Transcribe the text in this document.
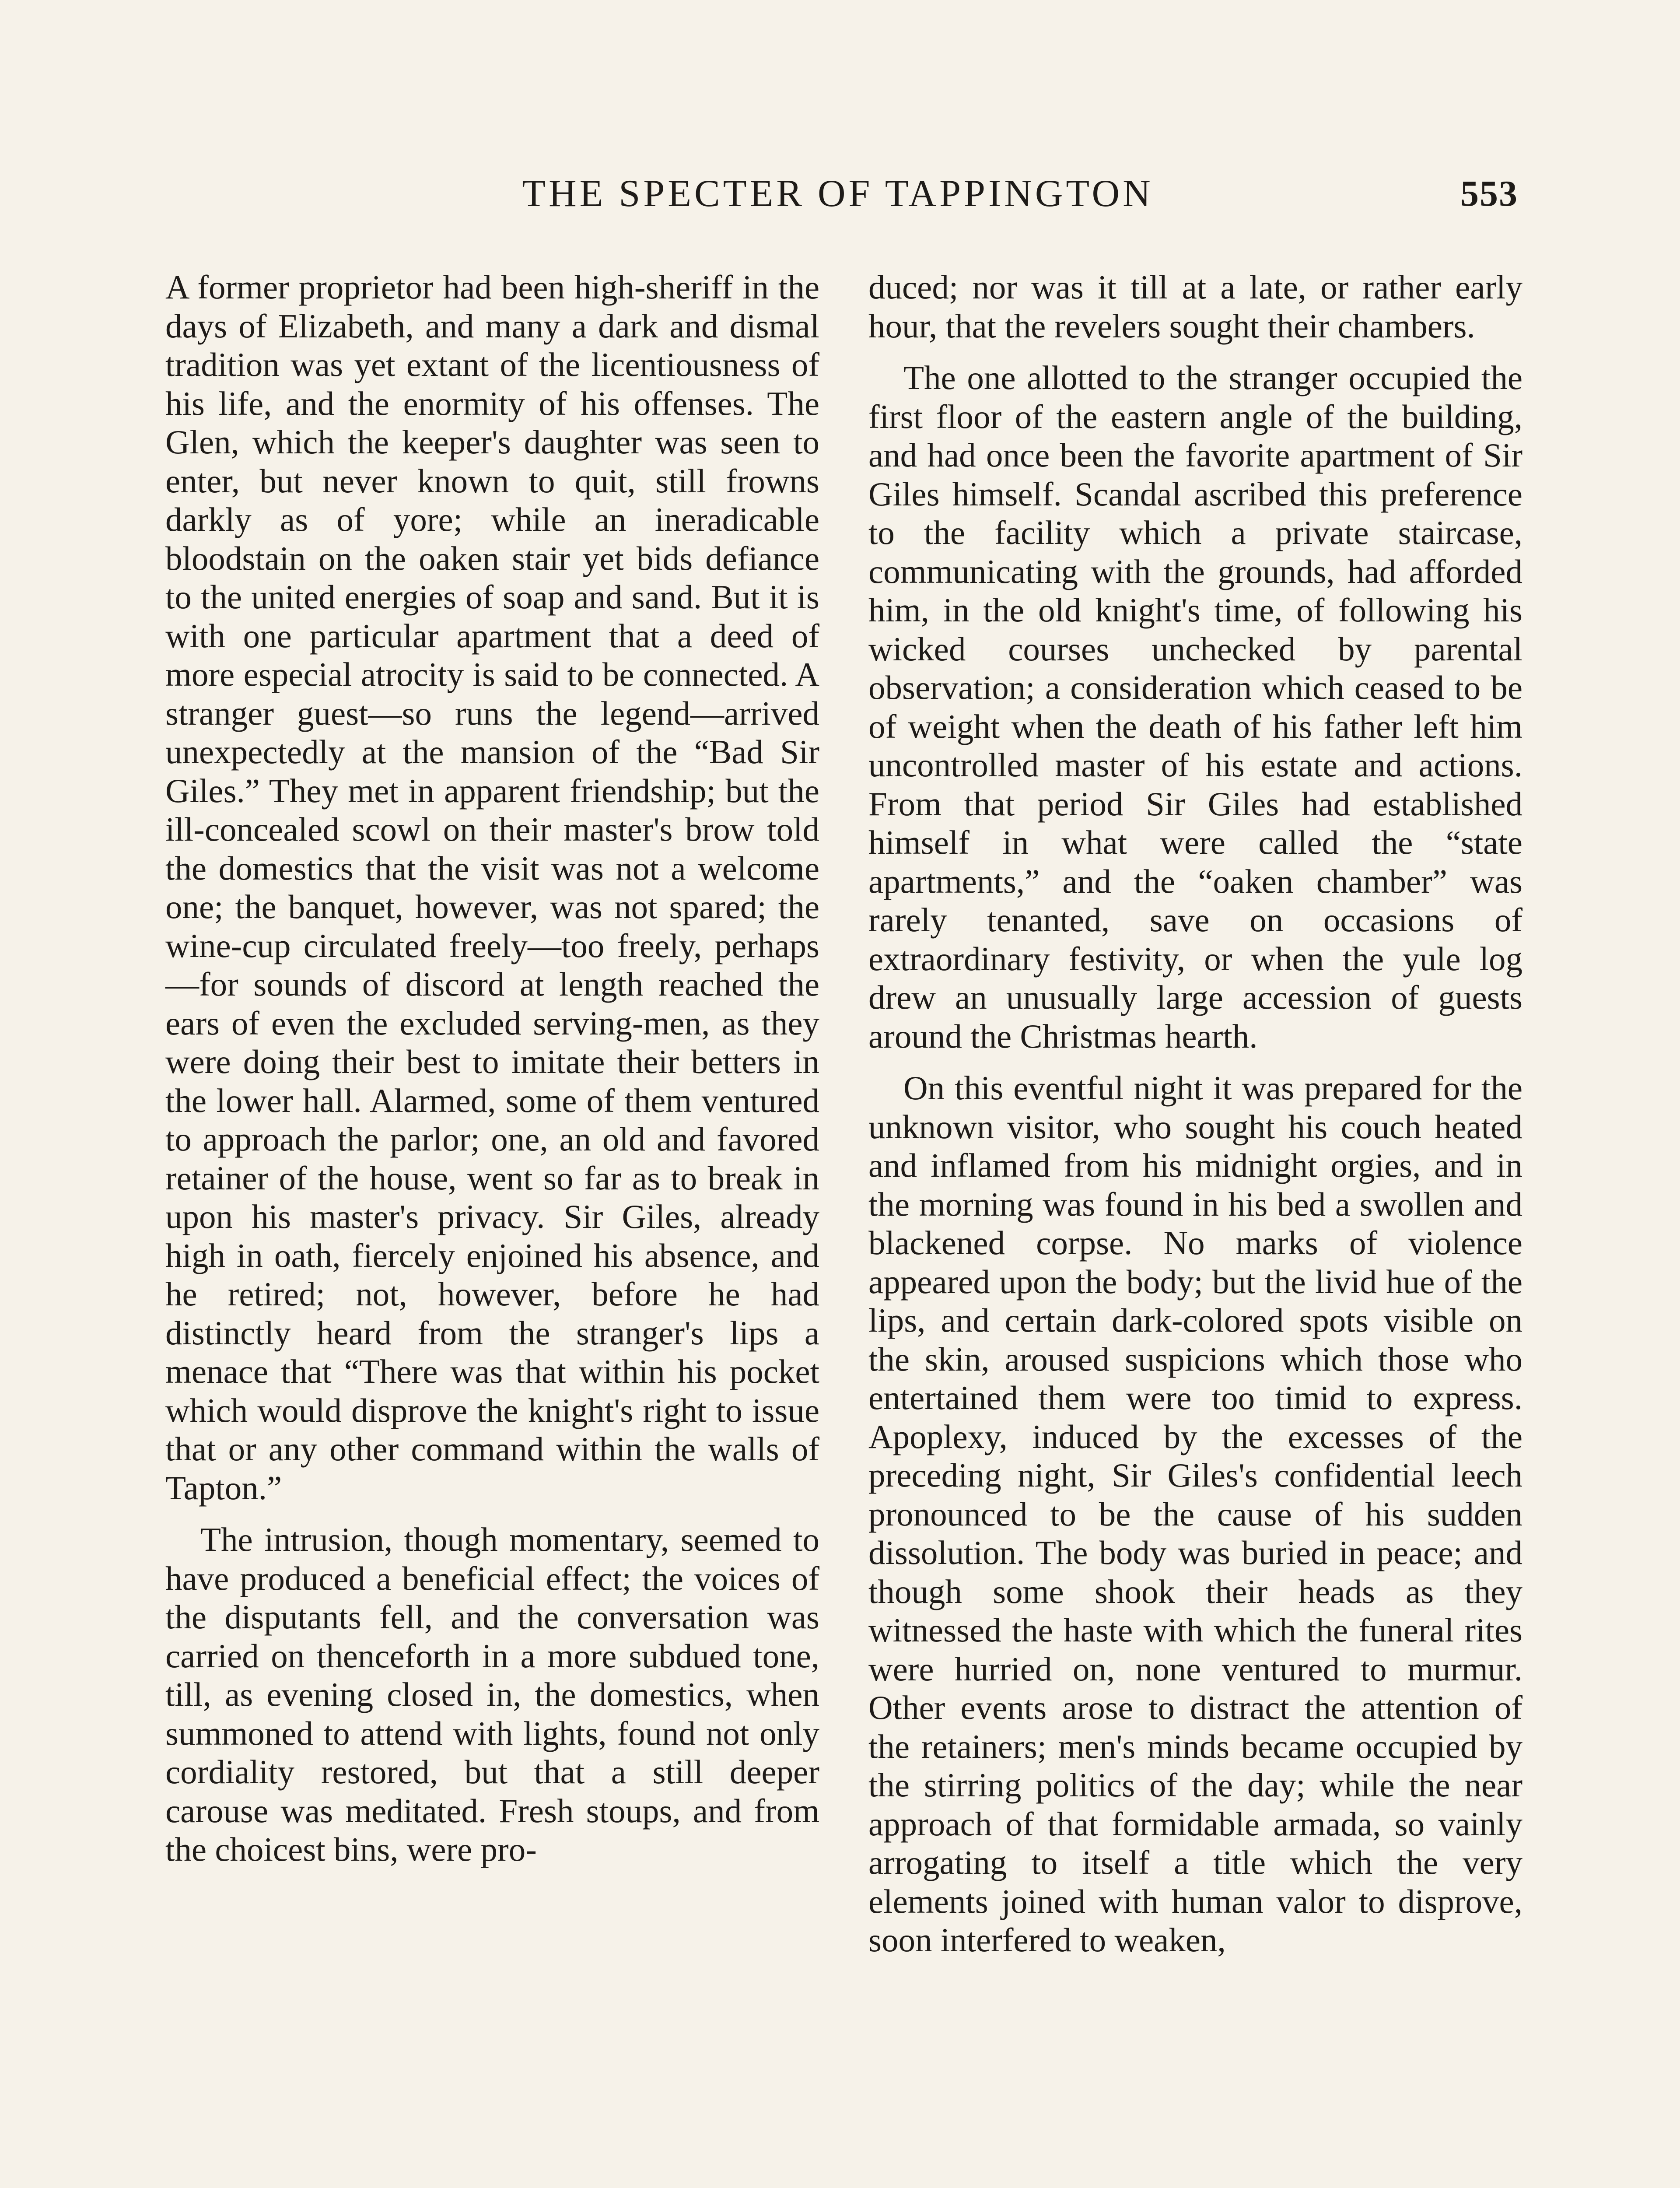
THE SPECTER OF TAPPINGTON	553

A former proprietor had been high-sheriff in the days of Elizabeth, and many a dark and dismal tradition was yet extant of the licentiousness of his life, and the enormity of his offenses. The Glen, which the keeper's daughter was seen to enter, but never known to quit, still frowns darkly as of yore; while an ineradicable bloodstain on the oaken stair yet bids defiance to the united energies of soap and sand. But it is with one particular apartment that a deed of more especial atrocity is said to be connected. A stranger guest—so runs the legend—arrived unexpectedly at the mansion of the “Bad Sir Giles.” They met in apparent friendship; but the ill-concealed scowl on their master's brow told the domestics that the visit was not a welcome one; the banquet, however, was not spared; the wine-cup circulated freely—too freely, perhaps—for sounds of discord at length reached the ears of even the excluded serving-men, as they were doing their best to imitate their betters in the lower hall. Alarmed, some of them ventured to approach the parlor; one, an old and favored retainer of the house, went so far as to break in upon his master's privacy. Sir Giles, already high in oath, fiercely enjoined his absence, and he retired; not, however, before he had distinctly heard from the stranger's lips a menace that “There was that within his pocket which would disprove the knight's right to issue that or any other command within the walls of Tapton.”

The intrusion, though momentary, seemed to have produced a beneficial effect; the voices of the disputants fell, and the conversation was carried on thenceforth in a more subdued tone, till, as evening closed in, the domestics, when summoned to attend with lights, found not only cordiality restored, but that a still deeper carouse was meditated. Fresh stoups, and from the choicest bins, were pro-

duced; nor was it till at a late, or rather early hour, that the revelers sought their chambers.

The one allotted to the stranger occupied the first floor of the eastern angle of the building, and had once been the favorite apartment of Sir Giles himself. Scandal ascribed this preference to the facility which a private staircase, communicating with the grounds, had afforded him, in the old knight's time, of following his wicked courses unchecked by parental observation; a consideration which ceased to be of weight when the death of his father left him uncontrolled master of his estate and actions. From that period Sir Giles had established himself in what were called the “state apartments,” and the “oaken chamber” was rarely tenanted, save on occasions of extraordinary festivity, or when the yule log drew an unusually large accession of guests around the Christmas hearth.

On this eventful night it was prepared for the unknown visitor, who sought his couch heated and inflamed from his midnight orgies, and in the morning was found in his bed a swollen and blackened corpse. No marks of violence appeared upon the body; but the livid hue of the lips, and certain dark-colored spots visible on the skin, aroused suspicions which those who entertained them were too timid to express. Apoplexy, induced by the excesses of the preceding night, Sir Giles's confidential leech pronounced to be the cause of his sudden dissolution. The body was buried in peace; and though some shook their heads as they witnessed the haste with which the funeral rites were hurried on, none ventured to murmur. Other events arose to distract the attention of the retainers; men's minds became occupied by the stirring politics of the day; while the near approach of that formidable armada, so vainly arrogating to itself a title which the very elements joined with human valor to disprove, soon interfered to weaken,
